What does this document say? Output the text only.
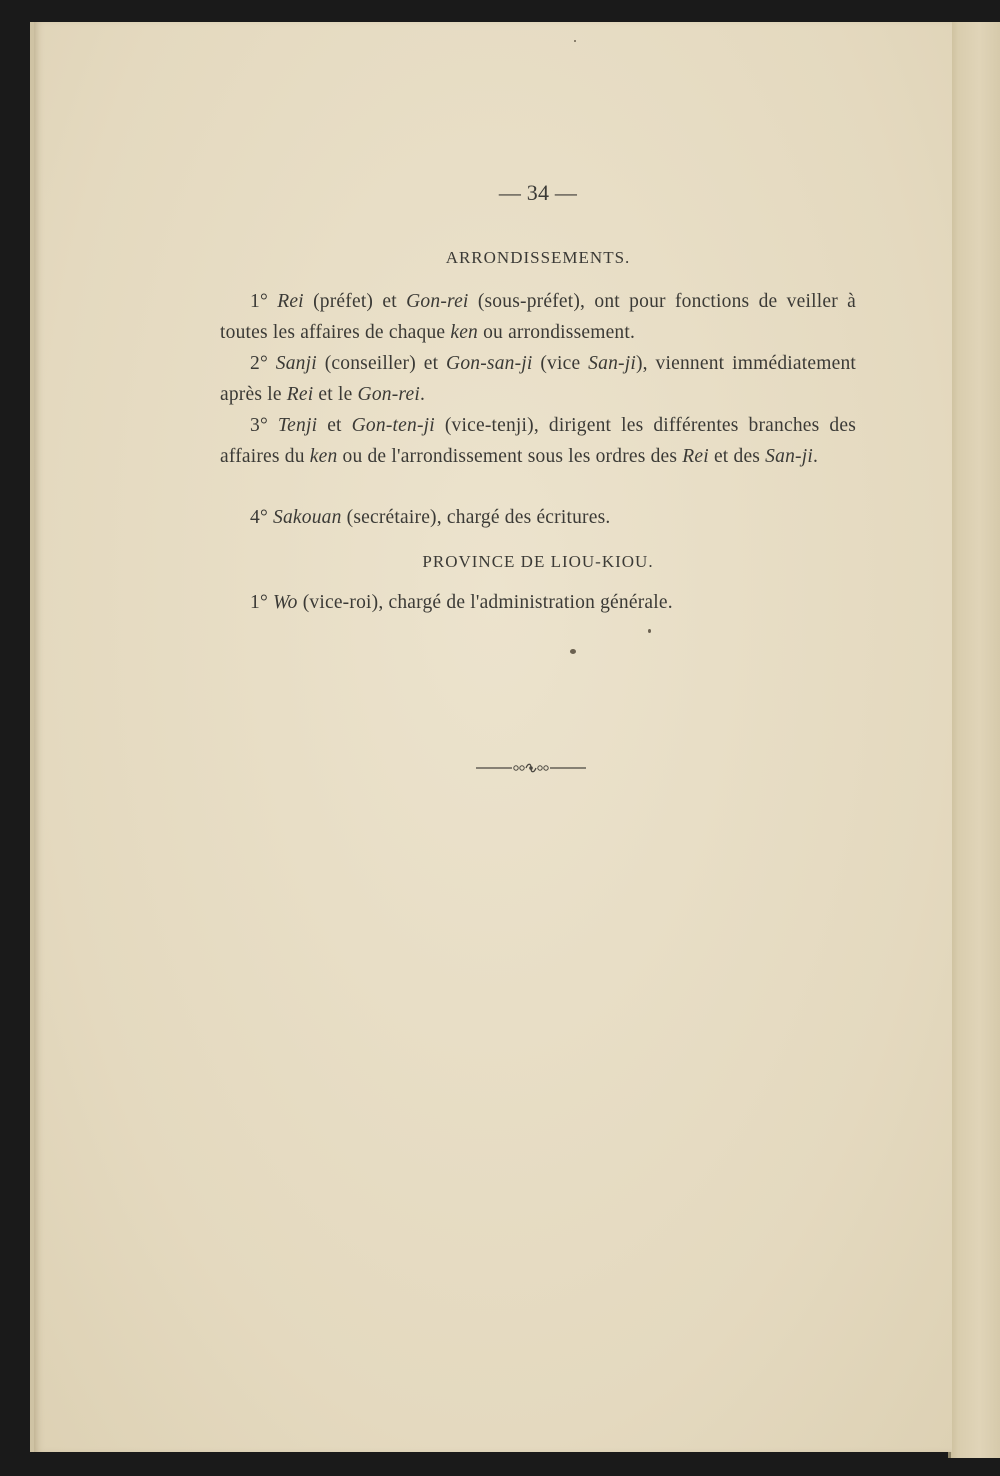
— 34 —
ARRONDISSEMENTS.
1° Rei (préfet) et Gon-rei (sous-préfet), ont pour fonctions de veiller à toutes les affaires de chaque ken ou arrondissement.
2° Sanji (conseiller) et Gon-san-ji (vice San-ji), viennent immédiatement après le Rei et le Gon-rei.
3° Tenji et Gon-ten-ji (vice-tenji), dirigent les différentes branches des affaires du ken ou de l'arrondissement sous les ordres des Rei et des San-ji.
4° Sakouan (secrétaire), chargé des écritures.
PROVINCE DE LIOU-KIOU.
1° Wo (vice-roi), chargé de l'administration générale.
